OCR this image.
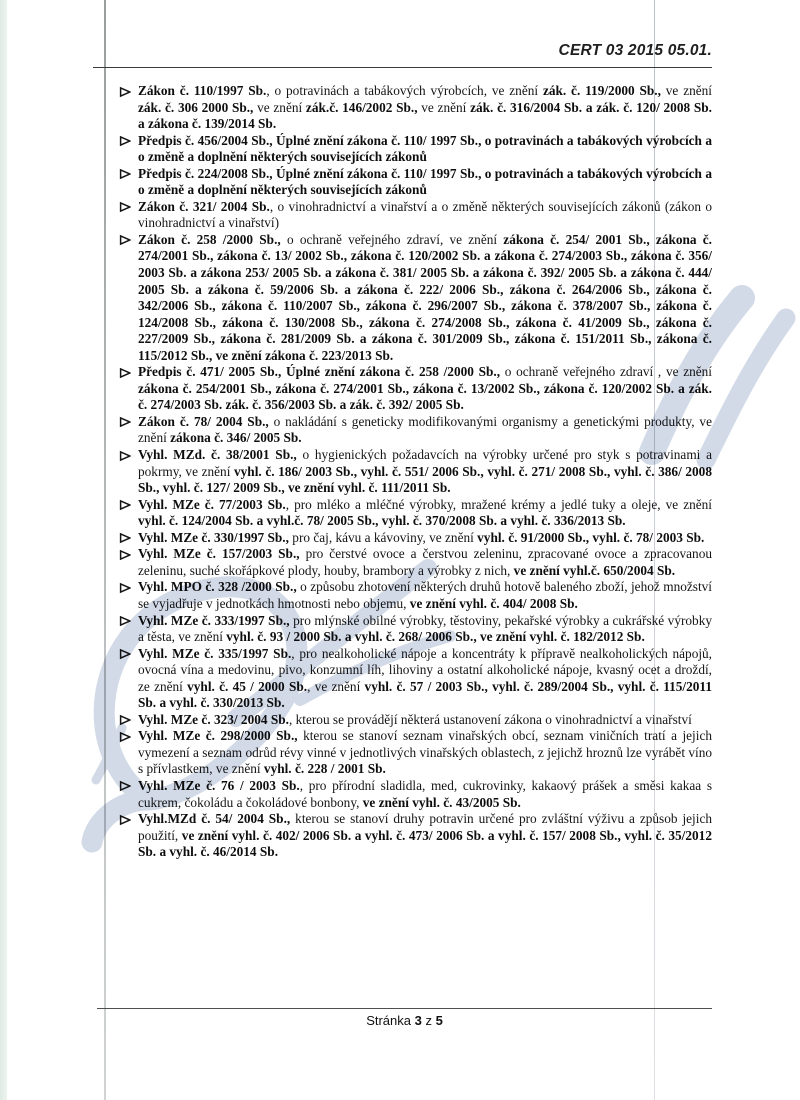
CERT 03 2015 05.01.
Zákon č. 110/1997 Sb., o potravinách a tabákových výrobcích, ve znění zák. č. 119/2000 Sb., ve znění zák. č. 306 2000 Sb., ve znění zák.č. 146/2002 Sb., ve znění zák. č. 316/2004 Sb. a zák. č. 120/ 2008 Sb. a zákona č. 139/2014 Sb.
Předpis č. 456/2004 Sb., Úplné znění zákona č. 110/ 1997 Sb., o potravinách a tabákových výrobcích a o změně a doplnění některých souvisejících zákonů
Předpis č. 224/2008 Sb., Úplné znění zákona č. 110/ 1997 Sb., o potravinách a tabákových výrobcích a o změně a doplnění některých souvisejících zákonů
Zákon č. 321/ 2004 Sb., o vinohradnictví a vinařství a o změně některých souvisejících zákonů (zákon o vinohradnictví a vinařství)
Zákon č. 258 /2000 Sb., o ochraně veřejného zdraví, ve znění zákona č. 254/ 2001 Sb., zákona č. 274/2001 Sb., zákona č. 13/ 2002 Sb., zákona č. 120/2002 Sb. a zákona č. 274/2003 Sb., zákona č. 356/ 2003 Sb. a zákona 253/ 2005 Sb. a zákona č. 381/ 2005 Sb. a zákona č. 392/ 2005 Sb. a zákona č. 444/ 2005 Sb. a zákona č. 59/2006 Sb. a zákona č. 222/ 2006 Sb., zákona č. 264/2006 Sb., zákona č. 342/2006 Sb., zákona č. 110/2007 Sb., zákona č. 296/2007 Sb., zákona č. 378/2007 Sb., zákona č. 124/2008 Sb., zákona č. 130/2008 Sb., zákona č. 274/2008 Sb., zákona č. 41/2009 Sb., zákona č. 227/2009 Sb., zákona č. 281/2009 Sb. a zákona č. 301/2009 Sb., zákona č. 151/2011 Sb., zákona č. 115/2012 Sb., ve znění zákona č. 223/2013 Sb.
Předpis č. 471/ 2005 Sb., Úplné znění zákona č. 258 /2000 Sb., o ochraně veřejného zdraví , ve znění zákona č. 254/2001 Sb., zákona č. 274/2001 Sb., zákona č. 13/2002 Sb., zákona č. 120/2002 Sb. a zák. č. 274/2003 Sb. zák. č. 356/2003 Sb. a zák. č. 392/ 2005 Sb.
Zákon č. 78/ 2004 Sb., o nakládání s geneticky modifikovanými organismy a genetickými produkty, ve znění zákona č. 346/ 2005 Sb.
Vyhl. MZd. č. 38/2001 Sb., o hygienických požadavcích na výrobky určené pro styk s potravinami a pokrmy, ve znění vyhl. č. 186/ 2003 Sb., vyhl. č. 551/ 2006 Sb., vyhl. č. 271/ 2008 Sb., vyhl. č. 386/ 2008 Sb., vyhl. č. 127/ 2009 Sb., ve znění vyhl. č. 111/2011 Sb.
Vyhl. MZe č. 77/2003 Sb., pro mléko a mléčné výrobky, mražené krémy a jedlé tuky a oleje, ve znění vyhl. č. 124/2004 Sb. a vyhl.č. 78/ 2005 Sb., vyhl. č. 370/2008 Sb. a vyhl. č. 336/2013 Sb.
Vyhl. MZe č. 330/1997 Sb., pro čaj, kávu a kávoviny, ve znění vyhl. č. 91/2000 Sb., vyhl. č. 78/ 2003 Sb.
Vyhl. MZe č. 157/2003 Sb., pro čerstvé ovoce a čerstvou zeleninu, zpracované ovoce a zpracovanou zeleninu, suché skořápkové plody, houby, brambory a výrobky z nich, ve znění vyhl.č. 650/2004 Sb.
Vyhl. MPO č. 328 /2000 Sb., o způsobu zhotovení některých druhů hotově baleného zboží, jehož množství se vyjadřuje v jednotkách hmotnosti nebo objemu, ve znění vyhl. č. 404/ 2008 Sb.
Vyhl. MZe č. 333/1997 Sb., pro mlýnské obilné výrobky, těstoviny, pekařské výrobky a cukrářské výrobky a těsta, ve znění vyhl. č. 93 / 2000 Sb. a vyhl. č. 268/ 2006 Sb., ve znění vyhl. č. 182/2012 Sb.
Vyhl. MZe č. 335/1997 Sb., pro nealkoholické nápoje a koncentráty k přípravě nealkoholických nápojů, ovocná vína a medovinu, pivo, konzumní líh, lihoviny a ostatní alkoholické nápoje, kvasný ocet a droždí, ze znění vyhl. č. 45 / 2000 Sb., ve znění vyhl. č. 57 / 2003 Sb., vyhl. č. 289/2004 Sb., vyhl. č. 115/2011 Sb. a vyhl. č. 330/2013 Sb.
Vyhl. MZe č. 323/ 2004 Sb., kterou se provádějí některá ustanovení zákona o vinohradnictví a vinařství
Vyhl. MZe č. 298/2000 Sb., kterou se stanoví seznam vinařských obcí, seznam viničních tratí a jejich vymezení a seznam odrůd révy vinné v jednotlivých vinařských oblastech, z jejichž hroznů lze vyrábět víno s přívlastkem, ve znění vyhl. č. 228 / 2001 Sb.
Vyhl. MZe č. 76 / 2003 Sb., pro přírodní sladidla, med, cukrovinky, kakaový prášek a směsi kakaa s cukrem, čokoládu a čokoládové bonbony, ve znění vyhl. č. 43/2005 Sb.
Vyhl.MZd č. 54/ 2004 Sb., kterou se stanoví druhy potravin určené pro zvláštní výživu a způsob jejich použití, ve znění vyhl. č. 402/ 2006 Sb. a vyhl. č. 473/ 2006 Sb. a vyhl. č. 157/ 2008 Sb., vyhl. č. 35/2012 Sb. a vyhl. č. 46/2014 Sb.
Stránka 3 z 5
